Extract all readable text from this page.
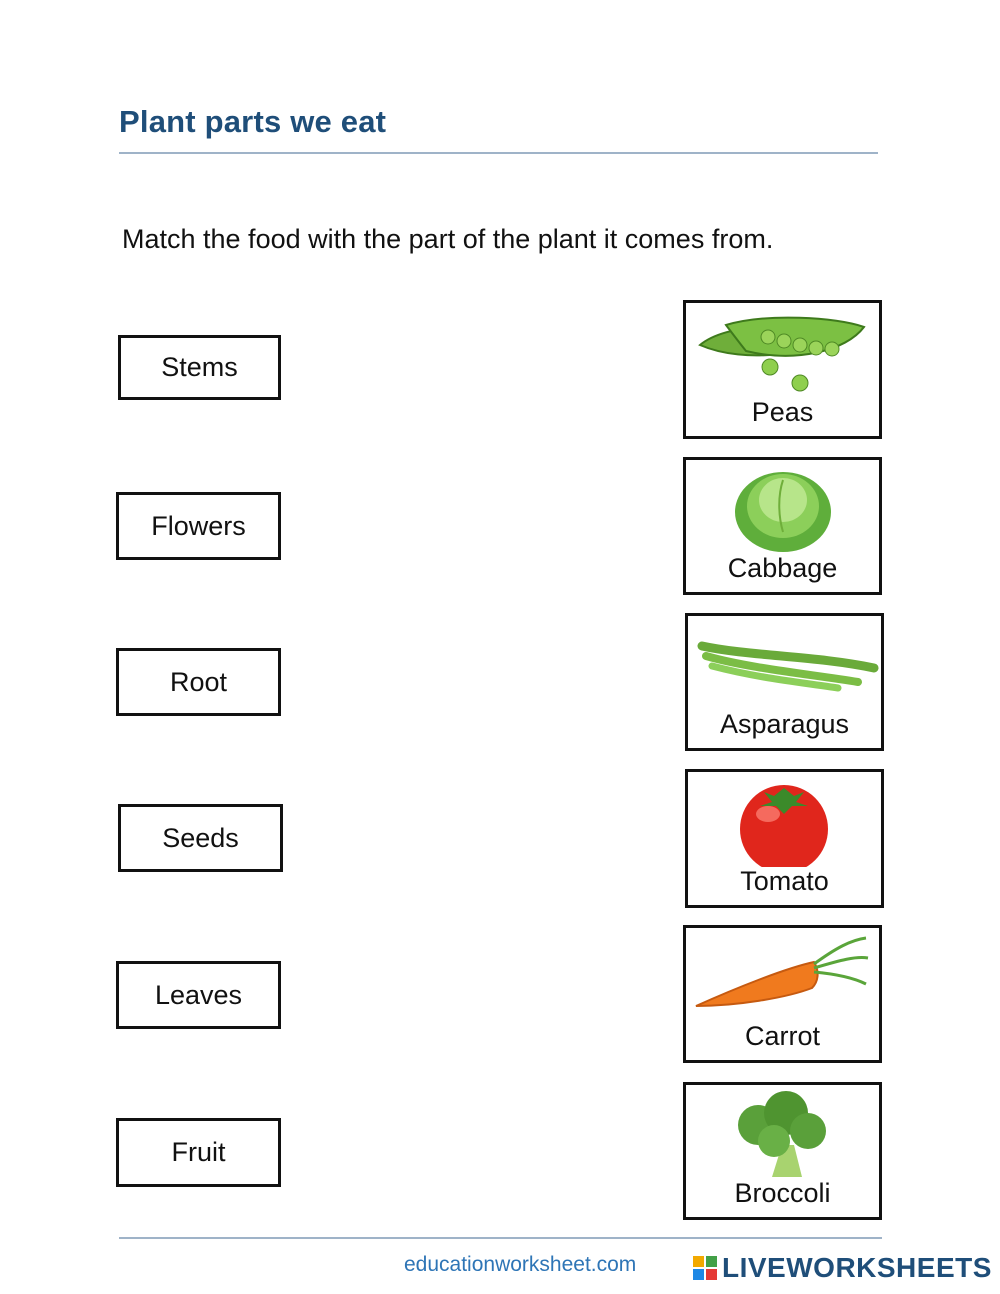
Plant parts we eat
Match the food with the part of the plant it comes from.
Stems
Flowers
Root
Seeds
Leaves
Fruit
Peas
Cabbage
Asparagus
Tomato
Carrot
Broccoli
educationworksheet.com	LIVEWORKSHEETS
